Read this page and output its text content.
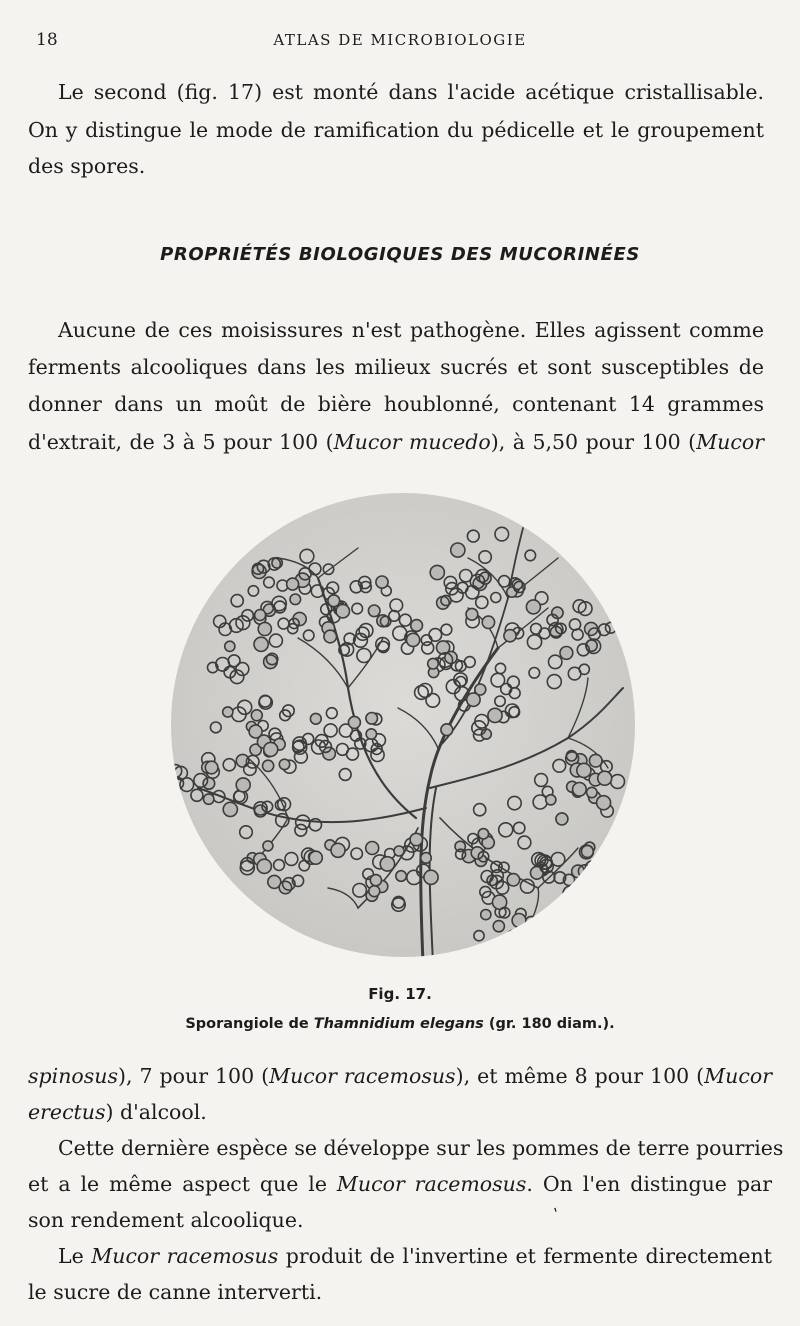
18	ATLAS DE MICROBIOLOGIE
Le second (fig. 17) est monté dans l'acide acétique cristallisable.
On y distingue le mode de ramification du pédicelle et le groupement
des spores.
PROPRIÉTÉS BIOLOGIQUES DES MUCORINÉES
Aucune de ces moisissures n'est pathogène. Elles agissent comme
ferments alcooliques dans les milieux sucrés et sont susceptibles de
donner dans un moût de bière houblonné, contenant 14 grammes
d'extrait, de 3 à 5 pour 100 (Mucor mucedo), à 5,50 pour 100 (Mucor
Fig. 17.
Sporangiole de Thamnidium elegans (gr. 180 diam.).
spinosus), 7 pour 100 (Mucor racemosus), et même 8 pour 100 (Mucor
erectus) d'alcool.
Cette dernière espèce se développe sur les pommes de terre pourries
et a le même aspect que le Mucor racemosus. On l'en distingue par
son rendement alcoolique.
Le Mucor racemosus produit de l'invertine et fermente directement
le sucre de canne interverti.
ʹ
